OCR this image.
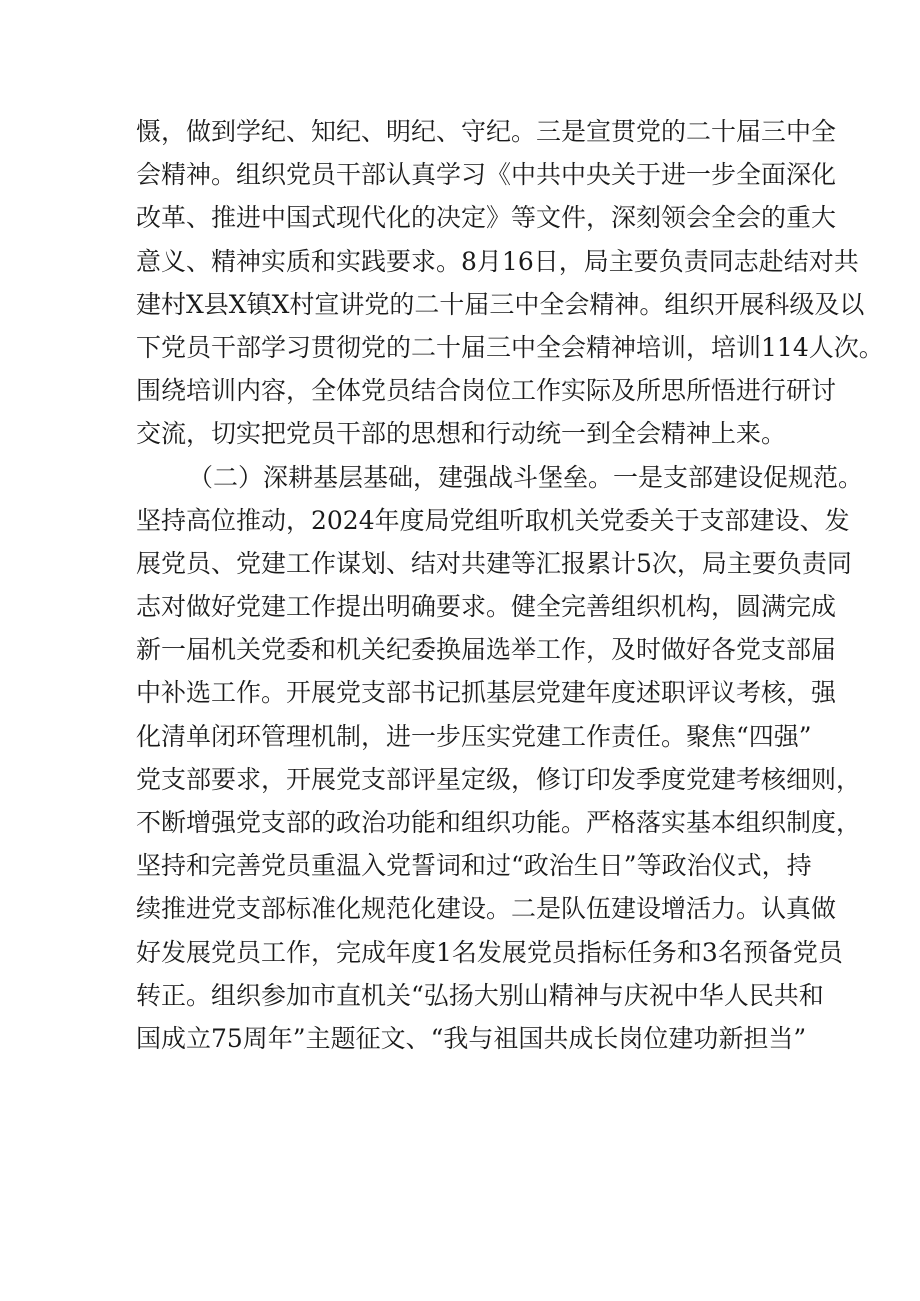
慑，做到学纪、知纪、明纪、守纪。三是宣贯党的二十届三中全
会精神。组织党员干部认真学习《中共中央关于进一步全面深化
改革、推进中国式现代化的决定》等文件，深刻领会全会的重大
意义、精神实质和实践要求。8月16日，局主要负责同志赴结对共
建村X县X镇X村宣讲党的二十届三中全会精神。组织开展科级及以
下党员干部学习贯彻党的二十届三中全会精神培训，培训114人次。
围绕培训内容，全体党员结合岗位工作实际及所思所悟进行研讨
交流，切实把党员干部的思想和行动统一到全会精神上来。
（二）深耕基层基础，建强战斗堡垒。一是支部建设促规范。
坚持高位推动，2024年度局党组听取机关党委关于支部建设、发
展党员、党建工作谋划、结对共建等汇报累计5次，局主要负责同
志对做好党建工作提出明确要求。健全完善组织机构，圆满完成
新一届机关党委和机关纪委换届选举工作，及时做好各党支部届
中补选工作。开展党支部书记抓基层党建年度述职评议考核，强
化清单闭环管理机制，进一步压实党建工作责任。聚焦“四强”
党支部要求，开展党支部评星定级，修订印发季度党建考核细则，
不断增强党支部的政治功能和组织功能。严格落实基本组织制度，
坚持和完善党员重温入党誓词和过“政治生日”等政治仪式，持
续推进党支部标准化规范化建设。二是队伍建设增活力。认真做
好发展党员工作，完成年度1名发展党员指标任务和3名预备党员
转正。组织参加市直机关“弘扬大别山精神与庆祝中华人民共和
国成立75周年”主题征文、“我与祖国共成长岗位建功新担当”
